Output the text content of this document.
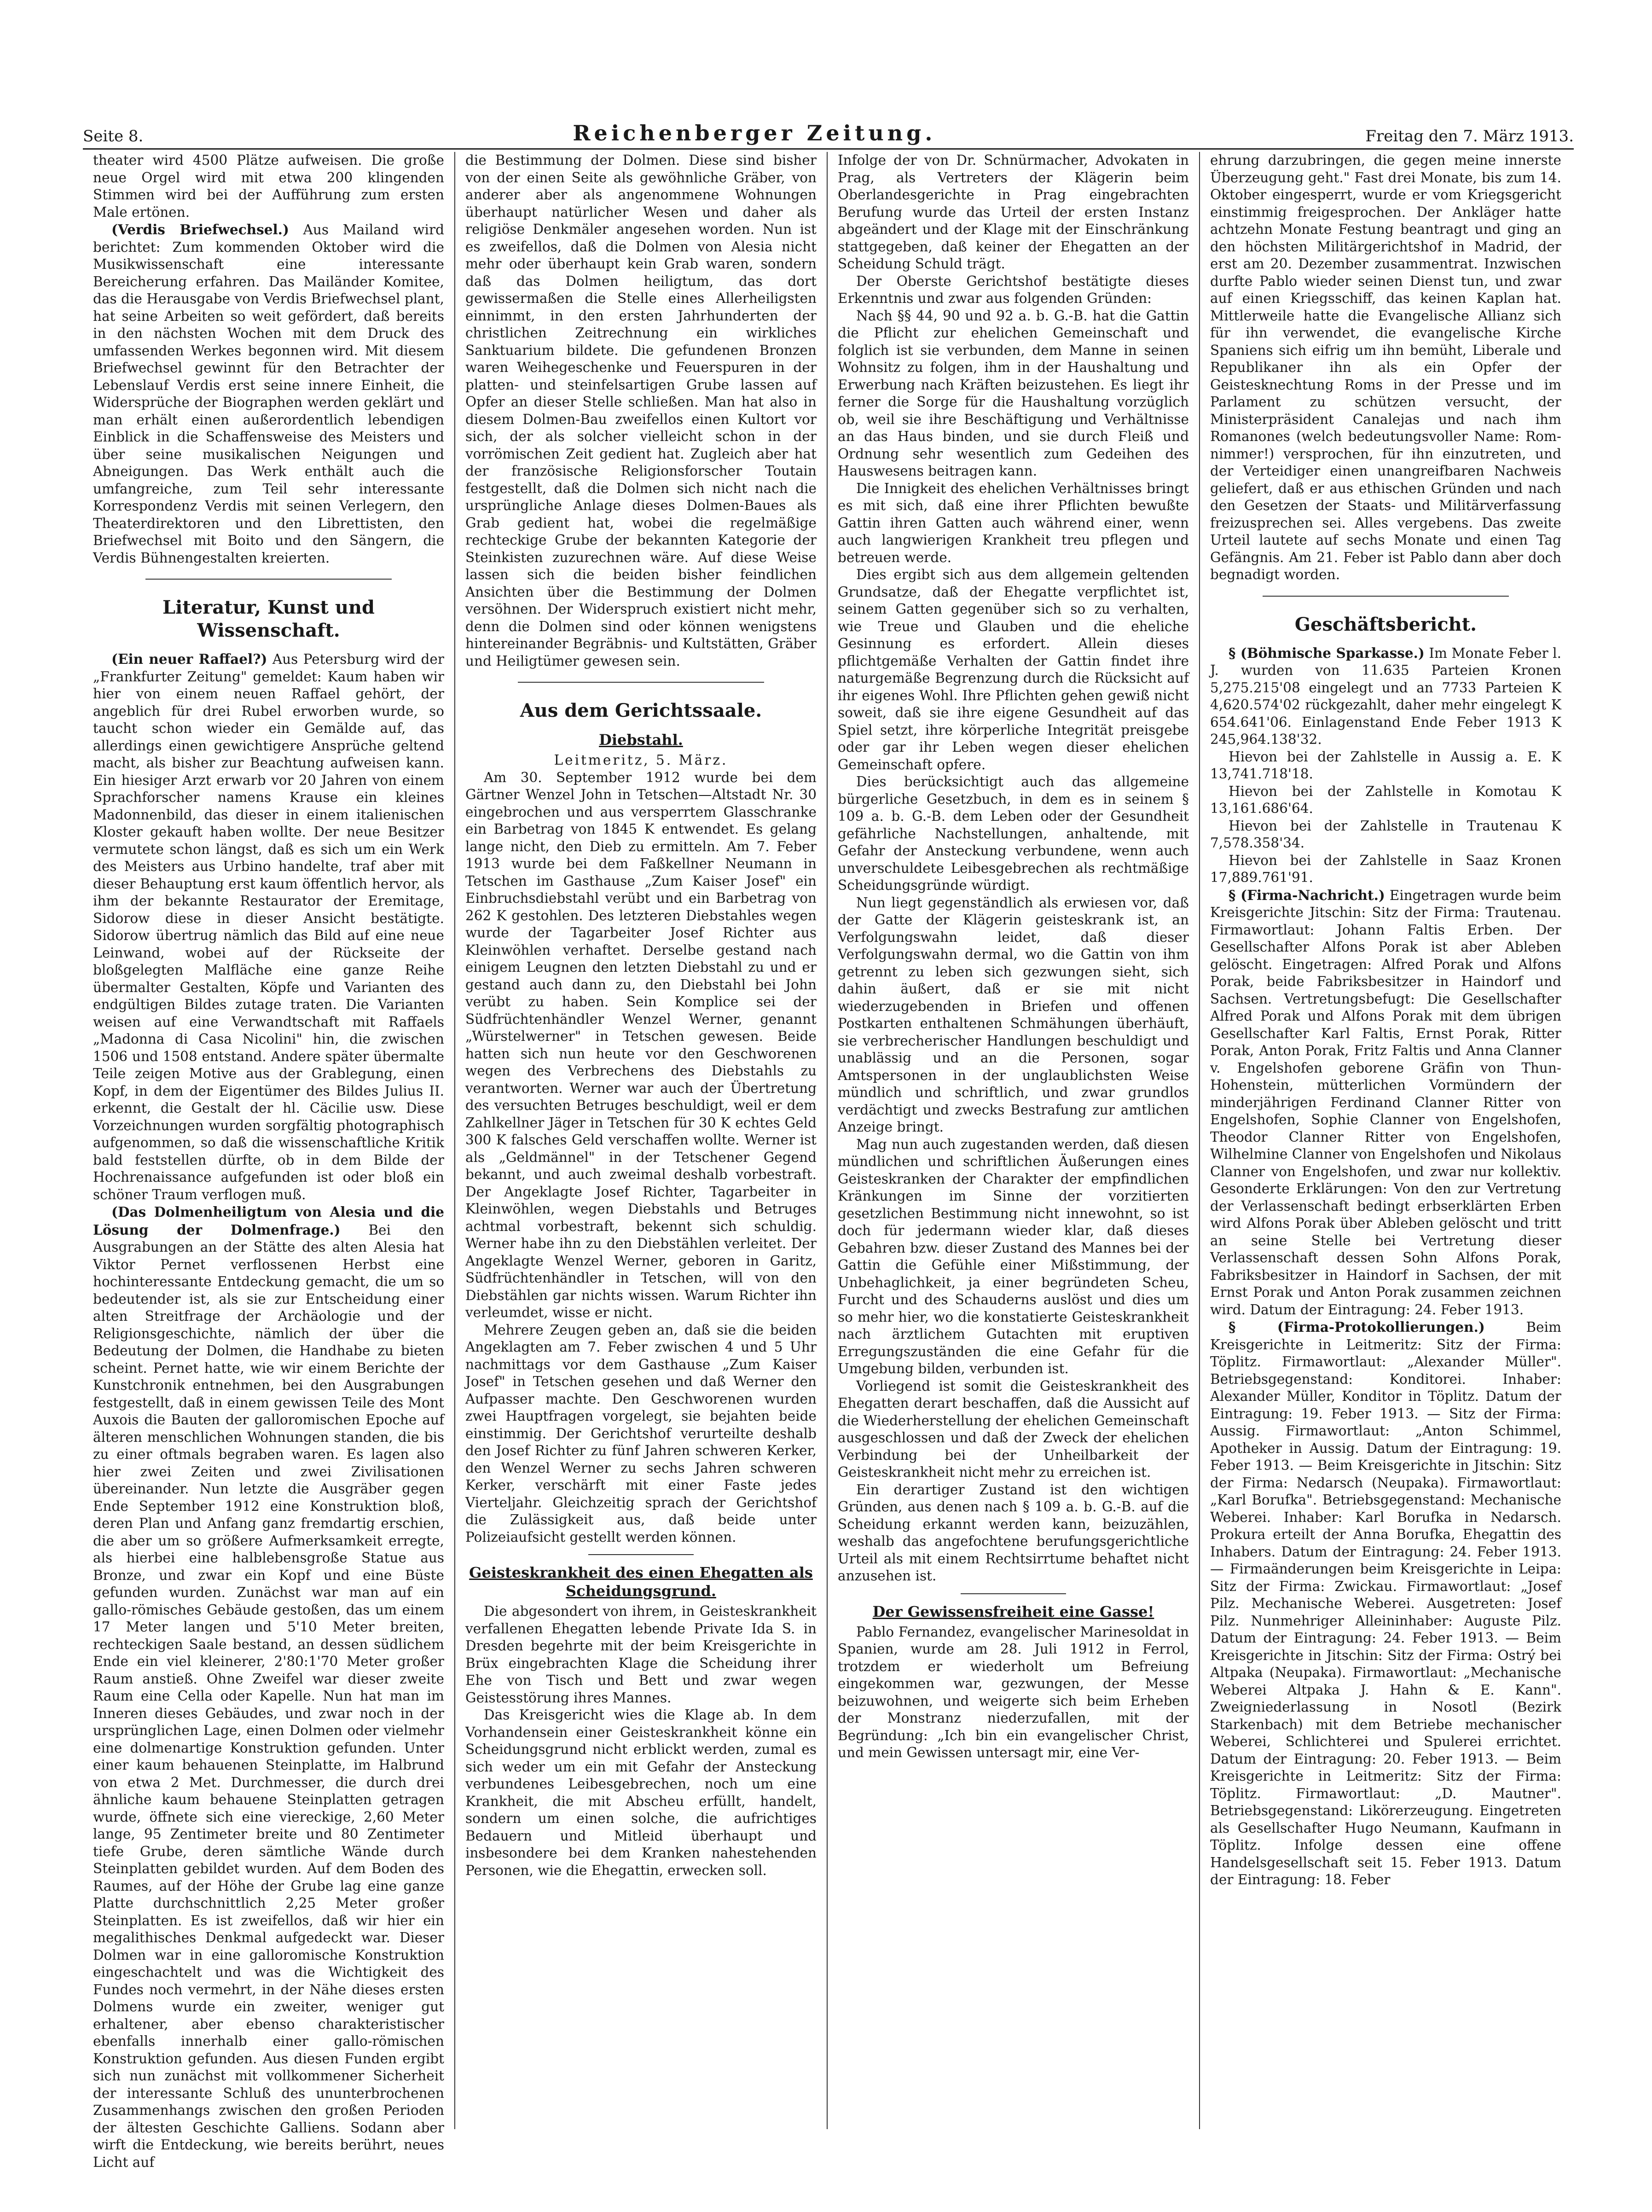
Seite 8.	Reichenberger Zeitung.	Freitag den 7. März 1913.

theater wird 4500 Plätze aufweisen. Die große neue Orgel wird mit etwa 200 klingenden Stimmen wird bei der Aufführung zum ersten Male ertönen.

(Verdis Briefwechsel.) Aus Mailand wird berichtet: Zum kommenden Oktober wird die Musikwissenschaft eine interessante Bereicherung erfahren. Das Mailänder Komitee, das die Herausgabe von Verdis Briefwechsel plant, hat seine Arbeiten so weit gefördert, daß bereits in den nächsten Wochen mit dem Druck des umfassenden Werkes begonnen wird. Mit diesem Briefwechsel gewinnt für den Betrachter der Lebenslauf Verdis erst seine innere Einheit, die Widersprüche der Biographen werden geklärt und man erhält einen außerordentlich lebendigen Einblick in die Schaffensweise des Meisters und über seine musikalischen Neigungen und Abneigungen. Das Werk enthält auch die umfangreiche, zum Teil sehr interessante Korrespondenz Verdis mit seinen Verlegern, den Theaterdirektoren und den Librettisten, den Briefwechsel mit Boito und den Sängern, die Verdis Bühnengestalten kreierten.

Literatur, Kunst und Wissenschaft.

(Ein neuer Raffael?) Aus Petersburg wird der „Frankfurter Zeitung" gemeldet: Kaum haben wir hier von einem neuen Raffael gehört, der angeblich für drei Rubel erworben wurde, so taucht schon wieder ein Gemälde auf, das allerdings einen gewichtigere Ansprüche geltend macht, als bisher zur Beachtung aufweisen kann. Ein hiesiger Arzt erwarb vor 20 Jahren von einem Sprachforscher namens Krause ein kleines Madonnenbild, das dieser in einem italienischen Kloster gekauft haben wollte. Der neue Besitzer vermutete schon längst, daß es sich um ein Werk des Meisters aus Urbino handelte, traf aber mit dieser Behauptung erst kaum öffentlich hervor, als ihm der bekannte Restaurator der Eremitage, Sidorow diese in dieser Ansicht bestätigte. Sidorow übertrug nämlich das Bild auf eine neue Leinwand, wobei auf der Rückseite der bloßgelegten Malfläche eine ganze Reihe übermalter Gestalten, Köpfe und Varianten des endgültigen Bildes zutage traten. Die Varianten weisen auf eine Verwandtschaft mit Raffaels „Madonna di Casa Nicolini" hin, die zwischen 1506 und 1508 entstand. Andere später übermalte Teile zeigen Motive aus der Grablegung, einen Kopf, in dem der Eigentümer des Bildes Julius II. erkennt, die Gestalt der hl. Cäcilie usw. Diese Vorzeichnungen wurden sorgfältig photographisch aufgenommen, so daß die wissenschaftliche Kritik bald feststellen dürfte, ob in dem Bilde der Hochrenaissance aufgefunden ist oder bloß ein schöner Traum verflogen muß.

(Das Dolmenheiligtum von Alesia und die Lösung der Dolmenfrage.) Bei den Ausgrabungen an der Stätte des alten Alesia hat Viktor Pernet verflossenen Herbst eine hochinteressante Entdeckung gemacht, die um so bedeutender ist, als sie zur Entscheidung einer alten Streitfrage der Archäologie und der Religionsgeschichte, nämlich der über die Bedeutung der Dolmen, die Handhabe zu bieten scheint. Pernet hatte, wie wir einem Berichte der Kunstchronik entnehmen, bei den Ausgrabungen festgestellt, daß in einem gewissen Teile des Mont Auxois die Bauten der galloromischen Epoche auf älteren menschlichen Wohnungen standen, die bis zu einer oftmals begraben waren. Es lagen also hier zwei Zeiten und zwei Zivilisationen übereinander. Nun letzte die Ausgräber gegen Ende September 1912 eine Konstruktion bloß, deren Plan und Anfang ganz fremdartig erschien, die aber um so größere Aufmerksamkeit erregte, als hierbei eine halblebensgroße Statue aus Bronze, und zwar ein Kopf und eine Büste gefunden wurden. Zunächst war man auf ein gallo-römisches Gebäude gestoßen, das um einem 17 Meter langen und 5'10 Meter breiten, rechteckigen Saale bestand, an dessen südlichem Ende ein viel kleinerer, 2'80:1'70 Meter großer Raum anstieß. Ohne Zweifel war dieser zweite Raum eine Cella oder Kapelle. Nun hat man im Inneren dieses Gebäudes, und zwar noch in der ursprünglichen Lage, einen Dolmen oder vielmehr eine dolmenartige Konstruktion gefunden. Unter einer kaum behauenen Steinplatte, im Halbrund von etwa 2 Met. Durchmesser, die durch drei ähnliche kaum behauene Steinplatten getragen wurde, öffnete sich eine viereckige, 2,60 Meter lange, 95 Zentimeter breite und 80 Zentimeter tiefe Grube, deren sämtliche Wände durch Steinplatten gebildet wurden. Auf dem Boden des Raumes, auf der Höhe der Grube lag eine ganze Platte durchschnittlich 2,25 Meter großer Steinplatten. Es ist zweifellos, daß wir hier ein megalithisches Denkmal aufgedeckt war. Dieser Dolmen war in eine galloromische Konstruktion eingeschachtelt und was die Wichtigkeit des Fundes noch vermehrt, in der Nähe dieses ersten Dolmens wurde ein zweiter, weniger gut erhaltener, aber ebenso charakteristischer ebenfalls innerhalb einer gallo-römischen Konstruktion gefunden. Aus diesen Funden ergibt sich nun zunächst mit vollkommener Sicherheit der interessante Schluß des ununterbrochenen Zusammenhangs zwischen den großen Perioden der ältesten Geschichte Galliens. Sodann aber wirft die Entdeckung, wie bereits berührt, neues Licht auf

die Bestimmung der Dolmen. Diese sind bisher von der einen Seite als gewöhnliche Gräber, von anderer aber als angenommene Wohnungen überhaupt natürlicher Wesen und daher als religiöse Denkmäler angesehen worden. Nun ist es zweifellos, daß die Dolmen von Alesia nicht mehr oder überhaupt kein Grab waren, sondern daß das Dolmen heiligtum, das dort gewissermaßen die Stelle eines Allerheiligsten einnimmt, in den ersten Jahrhunderten der christlichen Zeitrechnung ein wirkliches Sanktuarium bildete. Die gefundenen Bronzen waren Weihegeschenke und Feuerspuren in der platten- und steinfelsartigen Grube lassen auf Opfer an dieser Stelle schließen. Man hat also in diesem Dolmen-Bau zweifellos einen Kultort vor sich, der als solcher vielleicht schon in der vorrömischen Zeit gedient hat. Zugleich aber hat der französische Religionsforscher Toutain festgestellt, daß die Dolmen sich nicht nach die ursprüngliche Anlage dieses Dolmen-Baues als Grab gedient hat, wobei die regelmäßige rechteckige Grube der bekannten Kategorie der Steinkisten zuzurechnen wäre. Auf diese Weise lassen sich die beiden bisher feindlichen Ansichten über die Bestimmung der Dolmen versöhnen. Der Widerspruch existiert nicht mehr, denn die Dolmen sind oder können wenigstens hintereinander Begräbnis- und Kultstätten, Gräber und Heiligtümer gewesen sein.

Aus dem Gerichtssaale.
Diebstahl.

Leitmeritz, 5. März.

Am 30. September 1912 wurde bei dem Gärtner Wenzel John in Tetschen—Altstadt Nr. 30 eingebrochen und aus versperrtem Glasschranke ein Barbetrag von 1845 K entwendet. Es gelang lange nicht, den Dieb zu ermitteln. Am 7. Feber 1913 wurde bei dem Faßkellner Neumann in Tetschen im Gasthause „Zum Kaiser Josef" ein Einbruchsdiebstahl verübt und ein Barbetrag von 262 K gestohlen. Des letzteren Diebstahles wegen wurde der Tagarbeiter Josef Richter aus Kleinwöhlen verhaftet. Derselbe gestand nach einigem Leugnen den letzten Diebstahl zu und er gestand auch dann zu, den Diebstahl bei John verübt zu haben. Sein Komplice sei der Südfrüchtenhändler Wenzel Werner, genannt „Würstelwerner" in Tetschen gewesen. Beide hatten sich nun heute vor den Geschworenen wegen des Verbrechens des Diebstahls zu verantworten. Werner war auch der Übertretung des versuchten Betruges beschuldigt, weil er dem Zahlkellner Jäger in Tetschen für 30 K echtes Geld 300 K falsches Geld verschaffen wollte. Werner ist als „Geldmännel" in der Tetschener Gegend bekannt, und auch zweimal deshalb vorbestraft. Der Angeklagte Josef Richter, Tagarbeiter in Kleinwöhlen, wegen Diebstahls und Betruges achtmal vorbestraft, bekennt sich schuldig. Werner habe ihn zu den Diebstählen verleitet. Der Angeklagte Wenzel Werner, geboren in Garitz, Südfrüchtenhändler in Tetschen, will von den Diebstählen gar nichts wissen. Warum Richter ihn verleumdet, wisse er nicht.

Mehrere Zeugen geben an, daß sie die beiden Angeklagten am 7. Feber zwischen 4 und 5 Uhr nachmittags vor dem Gasthause „Zum Kaiser Josef" in Tetschen gesehen und daß Werner den Aufpasser machte. Den Geschworenen wurden zwei Hauptfragen vorgelegt, sie bejahten beide einstimmig. Der Gerichtshof verurteilte deshalb den Josef Richter zu fünf Jahren schweren Kerker, den Wenzel Werner zu sechs Jahren schweren Kerker, verschärft mit einer Faste jedes Vierteljahr. Gleichzeitig sprach der Gerichtshof die Zulässigkeit aus, daß beide unter Polizeiaufsicht gestellt werden können.

Geisteskrankheit des einen Ehegatten als Scheidungsgrund.

Die abgesondert von ihrem, in Geisteskrankheit verfallenen Ehegatten lebende Private Ida S. in Dresden begehrte mit der beim Kreisgerichte in Brüx eingebrachten Klage die Scheidung ihrer Ehe von Tisch und Bett und zwar wegen Geistesstörung ihres Mannes.

Das Kreisgericht wies die Klage ab. In dem Vorhandensein einer Geisteskrankheit könne ein Scheidungsgrund nicht erblickt werden, zumal es sich weder um ein mit Gefahr der Ansteckung verbundenes Leibesgebrechen, noch um eine Krankheit, die mit Abscheu erfüllt, handelt, sondern um einen solche, die aufrichtiges Bedauern und Mitleid überhaupt und insbesondere bei dem Kranken nahestehenden Personen, wie die Ehegattin, erwecken soll.

Infolge der von Dr. Schnürmacher, Advokaten in Prag, als Vertreters der Klägerin beim Oberlandesgerichte in Prag eingebrachten Berufung wurde das Urteil der ersten Instanz abgeändert und der Klage mit der Einschränkung stattgegeben, daß keiner der Ehegatten an der Scheidung Schuld trägt.

Der Oberste Gerichtshof bestätigte dieses Erkenntnis und zwar aus folgenden Gründen:

Nach §§ 44, 90 und 92 a. b. G.-B. hat die Gattin die Pflicht zur ehelichen Gemeinschaft und folglich ist sie verbunden, dem Manne in seinen Wohnsitz zu folgen, ihm in der Haushaltung und Erwerbung nach Kräften beizustehen. Es liegt ihr ferner die Sorge für die Haushaltung vorzüglich ob, weil sie ihre Beschäftigung und Verhältnisse an das Haus binden, und sie durch Fleiß und Ordnung sehr wesentlich zum Gedeihen des Hauswesens beitragen kann.

Die Innigkeit des ehelichen Verhältnisses bringt es mit sich, daß eine ihrer Pflichten bewußte Gattin ihren Gatten auch während einer, wenn auch langwierigen Krankheit treu pflegen und betreuen werde.

Dies ergibt sich aus dem allgemein geltenden Grundsatze, daß der Ehegatte verpflichtet ist, seinem Gatten gegenüber sich so zu verhalten, wie Treue und Glauben und die eheliche Gesinnung es erfordert. Allein dieses pflichtgemäße Verhalten der Gattin findet ihre naturgemäße Begrenzung durch die Rücksicht auf ihr eigenes Wohl. Ihre Pflichten gehen gewiß nicht soweit, daß sie ihre eigene Gesundheit auf das Spiel setzt, ihre körperliche Integrität preisgebe oder gar ihr Leben wegen dieser ehelichen Gemeinschaft opfere.

Dies berücksichtigt auch das allgemeine bürgerliche Gesetzbuch, in dem es in seinem § 109 a. b. G.-B. dem Leben oder der Gesundheit gefährliche Nachstellungen, anhaltende, mit Gefahr der Ansteckung verbundene, wenn auch unverschuldete Leibesgebrechen als rechtmäßige Scheidungsgründe würdigt.

Nun liegt gegenständlich als erwiesen vor, daß der Gatte der Klägerin geisteskrank ist, an Verfolgungswahn leidet, daß dieser Verfolgungswahn dermal, wo die Gattin von ihm getrennt zu leben sich gezwungen sieht, sich dahin äußert, daß er sie mit nicht wiederzugebenden in Briefen und offenen Postkarten enthaltenen Schmähungen überhäuft, sie verbrecherischer Handlungen beschuldigt und unablässig und an die Personen, sogar Amtspersonen in der unglaublichsten Weise mündlich und schriftlich, und zwar grundlos verdächtigt und zwecks Bestrafung zur amtlichen Anzeige bringt.

Mag nun auch zugestanden werden, daß diesen mündlichen und schriftlichen Äußerungen eines Geisteskranken der Charakter der empfindlichen Kränkungen im Sinne der vorzitierten gesetzlichen Bestimmung nicht innewohnt, so ist doch für jedermann wieder klar, daß dieses Gebahren bzw. dieser Zustand des Mannes bei der Gattin die Gefühle einer Mißstimmung, der Unbehaglichkeit, ja einer begründeten Scheu, Furcht und des Schauderns auslöst und dies um so mehr hier, wo die konstatierte Geisteskrankheit nach ärztlichem Gutachten mit eruptiven Erregungszuständen die eine Gefahr für die Umgebung bilden, verbunden ist.

Vorliegend ist somit die Geisteskrankheit des Ehegatten derart beschaffen, daß die Aussicht auf die Wiederherstellung der ehelichen Gemeinschaft ausgeschlossen und daß der Zweck der ehelichen Verbindung bei der Unheilbarkeit der Geisteskrankheit nicht mehr zu erreichen ist.

Ein derartiger Zustand ist den wichtigen Gründen, aus denen nach § 109 a. b. G.-B. auf die Scheidung erkannt werden kann, beizuzählen, weshalb das angefochtene berufungsgerichtliche Urteil als mit einem Rechtsirrtume behaftet nicht anzusehen ist.

Der Gewissensfreiheit eine Gasse!

Pablo Fernandez, evangelischer Marinesoldat in Spanien, wurde am 28. Juli 1912 in Ferrol, trotzdem er wiederholt um Befreiung eingekommen war, gezwungen, der Messe beizuwohnen, und weigerte sich beim Erheben der Monstranz niederzufallen, mit der Begründung: „Ich bin ein evangelischer Christ, und mein Gewissen untersagt mir, eine Ver-

ehrung darzubringen, die gegen meine innerste Überzeugung geht." Fast drei Monate, bis zum 14. Oktober eingesperrt, wurde er vom Kriegsgericht einstimmig freigesprochen. Der Ankläger hatte achtzehn Monate Festung beantragt und ging an den höchsten Militärgerichtshof in Madrid, der erst am 20. Dezember zusammentrat. Inzwischen durfte Pablo wieder seinen Dienst tun, und zwar auf einen Kriegsschiff, das keinen Kaplan hat. Mittlerweile hatte die Evangelische Allianz sich für ihn verwendet, die evangelische Kirche Spaniens sich eifrig um ihn bemüht, Liberale und Republikaner ihn als ein Opfer der Geistesknechtung Roms in der Presse und im Parlament zu schützen versucht, der Ministerpräsident Canalejas und nach ihm Romanones (welch bedeutungsvoller Name: Rom-nimmer!) versprochen, für ihn einzutreten, und der Verteidiger einen unangreifbaren Nachweis geliefert, daß er aus ethischen Gründen und nach den Gesetzen der Staats- und Militärverfassung freizusprechen sei. Alles vergebens. Das zweite Urteil lautete auf sechs Monate und einen Tag Gefängnis. Am 21. Feber ist Pablo dann aber doch begnadigt worden.

Geschäftsbericht.

§ (Böhmische Sparkasse.) Im Monate Feber l. J. wurden von 11.635 Parteien Kronen 5,275.215'08 eingelegt und an 7733 Parteien K 4,620.574'02 rückgezahlt, daher mehr eingelegt K 654.641'06. Einlagenstand Ende Feber 1913 K 245,964.138'32.

Hievon bei der Zahlstelle in Aussig a. E. K 13,741.718'18.

Hievon bei der Zahlstelle in Komotau K 13,161.686'64.

Hievon bei der Zahlstelle in Trautenau K 7,578.358'34.

Hievon bei der Zahlstelle in Saaz Kronen 17,889.761'91.

§ (Firma-Nachricht.) Eingetragen wurde beim Kreisgerichte Jitschin: Sitz der Firma: Trautenau. Firmawortlaut: Johann Faltis Erben. Der Gesellschafter Alfons Porak ist aber Ableben gelöscht. Eingetragen: Alfred Porak und Alfons Porak, beide Fabriksbesitzer in Haindorf und Sachsen. Vertretungsbefugt: Die Gesellschafter Alfred Porak und Alfons Porak mit dem übrigen Gesellschafter Karl Faltis, Ernst Porak, Ritter Porak, Anton Porak, Fritz Faltis und Anna Clanner v. Engelshofen geborene Gräfin von Thun-Hohenstein, mütterlichen Vormündern der minderjährigen Ferdinand Clanner Ritter von Engelshofen, Sophie Clanner von Engelshofen, Theodor Clanner Ritter von Engelshofen, Wilhelmine Clanner von Engelshofen und Nikolaus Clanner von Engelshofen, und zwar nur kollektiv. Gesonderte Erklärungen: Von den zur Vertretung der Verlassenschaft bedingt erbserklärten Erben wird Alfons Porak über Ableben gelöscht und tritt an seine Stelle bei Vertretung dieser Verlassenschaft dessen Sohn Alfons Porak, Fabriksbesitzer in Haindorf in Sachsen, der mit Ernst Porak und Anton Porak zusammen zeichnen wird. Datum der Eintragung: 24. Feber 1913.

§ (Firma-Protokollierungen.)	Beim Kreisgerichte in Leitmeritz: Sitz der Firma: Töplitz. Firmawortlaut: „Alexander Müller". Betriebsgegenstand: Konditorei. Inhaber: Alexander Müller, Konditor in Töplitz. Datum der Eintragung: 19. Feber 1913. — Sitz der Firma: Aussig. Firmawortlaut: „Anton Schimmel, Apotheker in Aussig. Datum der Eintragung: 19. Feber 1913. — Beim Kreisgerichte in Jitschin: Sitz der Firma: Nedarsch (Neupaka). Firmawortlaut: „Karl Borufka". Betriebsgegenstand: Mechanische Weberei. Inhaber: Karl Borufka in Nedarsch. Prokura erteilt der Anna Borufka, Ehegattin des Inhabers. Datum der Eintragung: 24. Feber 1913. — Firmaänderungen beim Kreisgerichte in Leipa: Sitz der Firma: Zwickau. Firmawortlaut: „Josef Pilz. Mechanische Weberei. Ausgetreten: Josef Pilz. Nunmehriger Alleininhaber: Auguste Pilz. Datum der Eintragung: 24. Feber 1913. — Beim Kreisgerichte in Jitschin: Sitz der Firma: Ostrý bei Altpaka (Neupaka). Firmawortlaut: „Mechanische Weberei Altpaka J. Hahn & E. Kann". Zweigniederlassung in Nosotl (Bezirk Starkenbach) mit dem Betriebe mechanischer Weberei, Schlichterei und Spulerei errichtet. Datum der Eintragung: 20. Feber 1913. — Beim Kreisgerichte in Leitmeritz: Sitz der Firma: Töplitz. Firmawortlaut: „D. Mautner". Betriebsgegenstand: Likörerzeugung. Eingetreten als Gesellschafter Hugo Neumann, Kaufmann in Töplitz. Infolge dessen eine offene Handelsgesellschaft seit 15. Feber 1913. Datum der Eintragung: 18. Feber
